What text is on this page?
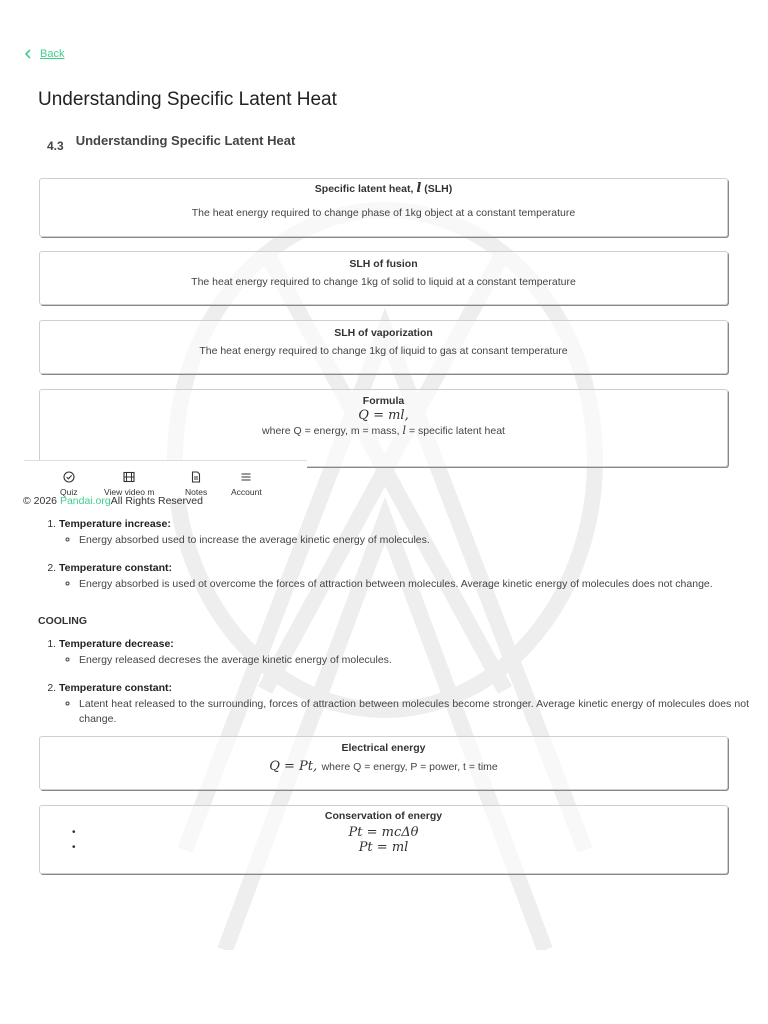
Back
Understanding Specific Latent Heat
4.3 Understanding Specific Latent Heat
Specific latent heat, l (SLH)
The heat energy required to change phase of 1kg object at a constant temperature
SLH of fusion
The heat energy required to change 1kg of solid to liquid at a constant temperature
SLH of vaporization
The heat energy required to change 1kg of liquid to gas at consant temperature
Formula
Q = ml,
where Q = energy, m = mass, l = specific latent heat
Quiz	View video m	Notes	Account
© 2026 Pandai.orgAll Rights Reserved
1. Temperature increase:
◦ Energy absorbed used to increase the average kinetic energy of molecules.
2. Temperature constant:
◦ Energy absorbed is used ot overcome the forces of attraction between molecules. Average kinetic energy of molecules does not change.
COOLING
1. Temperature decrease:
◦ Energy released decreses the average kinetic energy of molecules.
2. Temperature constant:
◦ Latent heat released to the surrounding, forces of attraction between molecules become stronger. Average kinetic energy of molecules does not change.
Electrical energy
Q = Pt, where Q = energy, P = power, t = time
Conservation of energy
Pt = mcΔθ
Pt = ml
•
•
